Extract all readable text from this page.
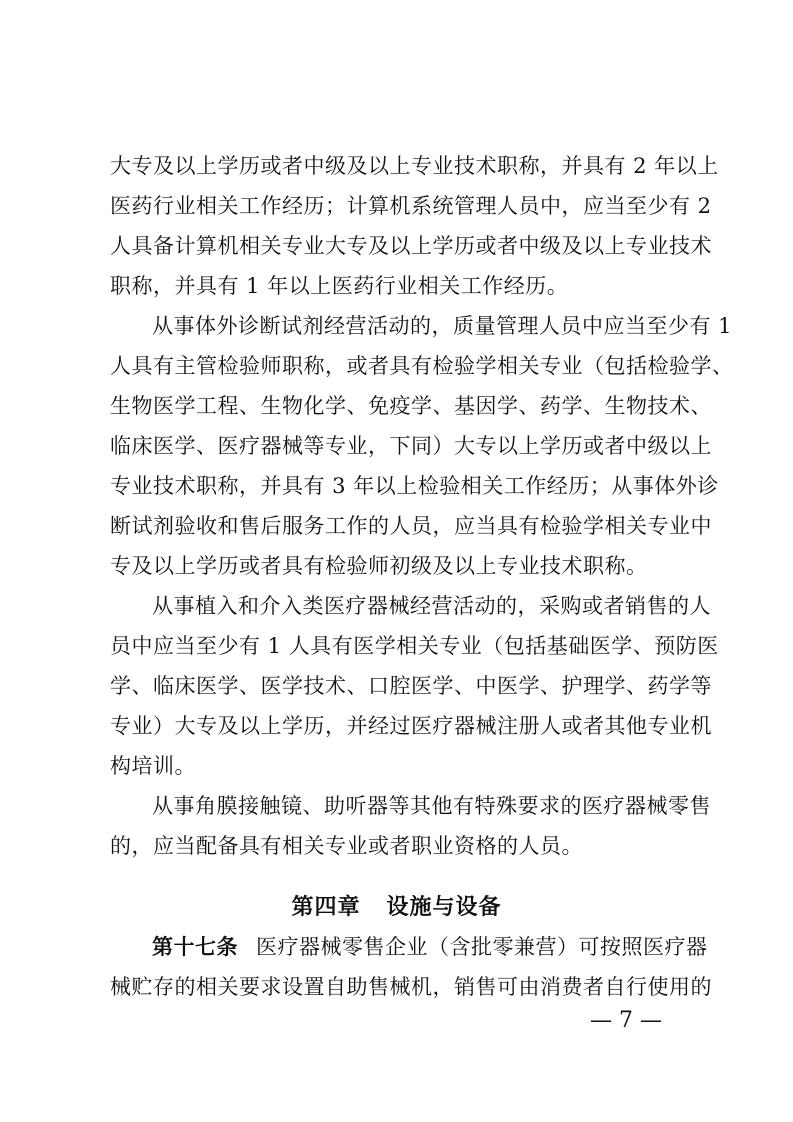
大专及以上学历或者中级及以上专业技术职称，并具有 2 年以上
医药行业相关工作经历；计算机系统管理人员中，应当至少有 2
人具备计算机相关专业大专及以上学历或者中级及以上专业技术
职称，并具有 1 年以上医药行业相关工作经历。
从事体外诊断试剂经营活动的，质量管理人员中应当至少有 1
人具有主管检验师职称，或者具有检验学相关专业（包括检验学、
生物医学工程、生物化学、免疫学、基因学、药学、生物技术、
临床医学、医疗器械等专业，下同）大专以上学历或者中级以上
专业技术职称，并具有 3 年以上检验相关工作经历；从事体外诊
断试剂验收和售后服务工作的人员，应当具有检验学相关专业中
专及以上学历或者具有检验师初级及以上专业技术职称。
从事植入和介入类医疗器械经营活动的，采购或者销售的人
员中应当至少有 1 人具有医学相关专业（包括基础医学、预防医
学、临床医学、医学技术、口腔医学、中医学、护理学、药学等
专业）大专及以上学历，并经过医疗器械注册人或者其他专业机
构培训。
从事角膜接触镜、助听器等其他有特殊要求的医疗器械零售
的，应当配备具有相关专业或者职业资格的人员。
第四章 设施与设备
第十七条 医疗器械零售企业（含批零兼营）可按照医疗器
械贮存的相关要求设置自助售械机，销售可由消费者自行使用的
— 7 —
